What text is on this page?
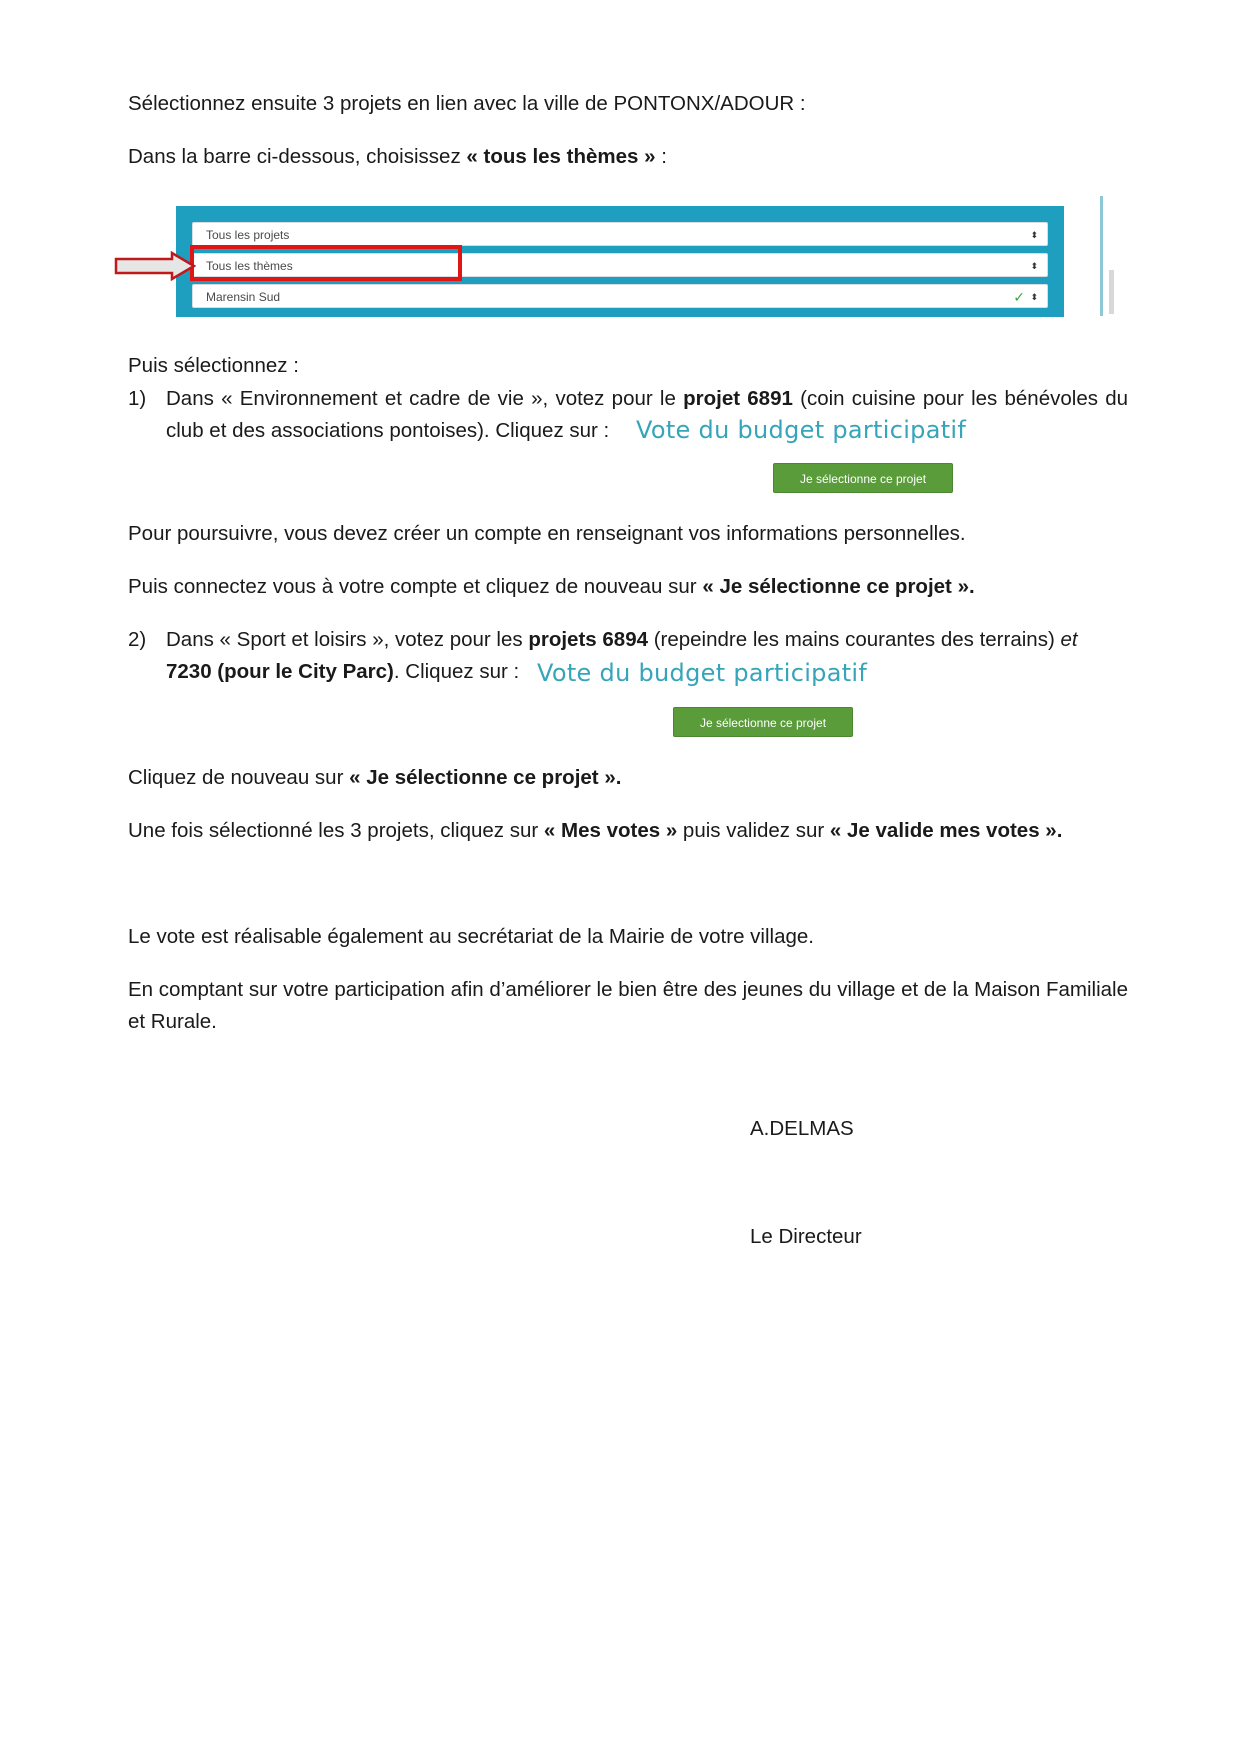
Sélectionnez ensuite 3 projets en lien avec la ville de PONTONX/ADOUR :

Dans la barre ci-dessous, choisissez « tous les thèmes » :

Tous les projets	⬍
Tous les thèmes	⬍
Marensin Sud	✓ ⬍

Puis sélectionnez :

1) Dans « Environnement et cadre de vie », votez pour le projet 6891 (coin cuisine pour les bénévoles du club et des associations pontoises). Cliquez sur :	Vote du budget participatif
Je sélectionne ce projet

Pour poursuivre, vous devez créer un compte en renseignant vos informations personnelles.

Puis connectez vous à votre compte et cliquez de nouveau sur « Je sélectionne ce projet ».

2) Dans « Sport et loisirs », votez pour les projets 6894 (repeindre les mains courantes des terrains) et
7230 (pour le City Parc). Cliquez sur : Vote du budget participatif
Je sélectionne ce projet

Cliquez de nouveau sur « Je sélectionne ce projet ».

Une fois sélectionné les 3 projets, cliquez sur « Mes votes » puis validez sur « Je valide mes votes ».

Le vote est réalisable également au secrétariat de la Mairie de votre village.

En comptant sur votre participation afin d’améliorer le bien être des jeunes du village et de la Maison Familiale et Rurale.

A.DELMAS

Le Directeur
